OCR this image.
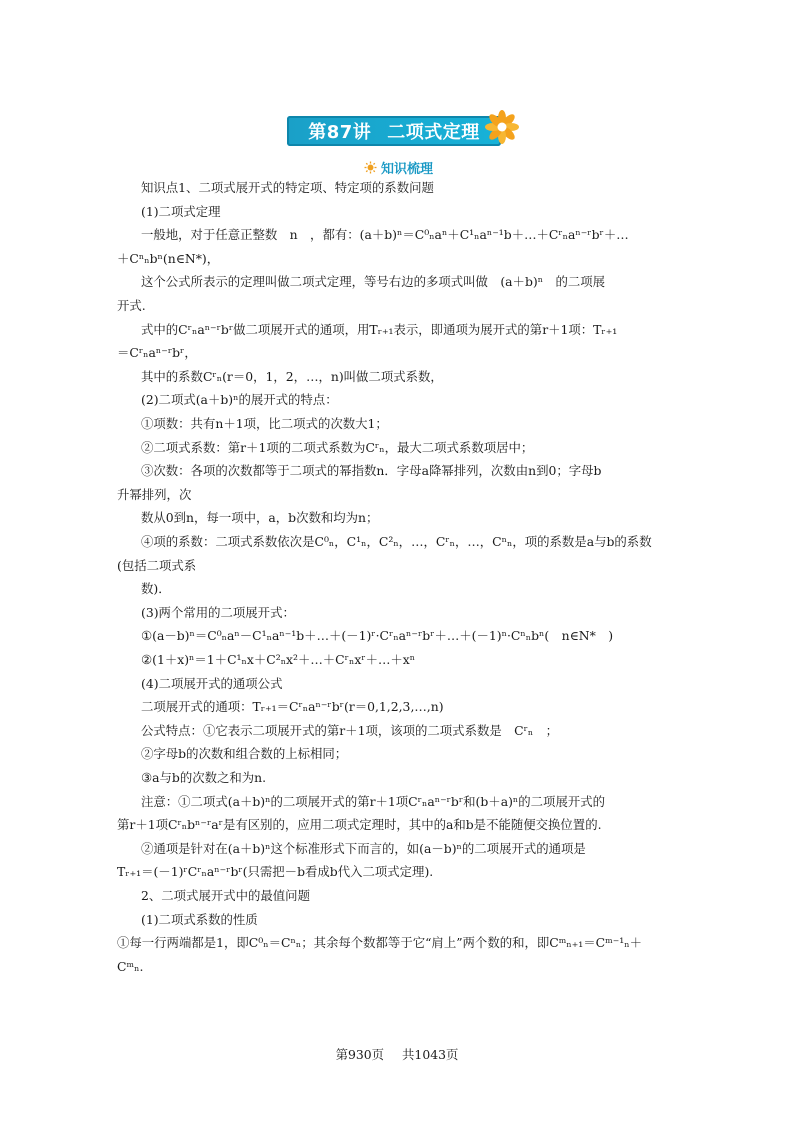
第87讲 二项式定理
知识梳理
知识点1、二项式展开式的特定项、特定项的系数问题
(1)二项式定理
一般地，对于任意正整数　n　，都有：(a＋b)ⁿ＝C⁰ₙaⁿ＋C¹ₙaⁿ⁻¹b＋…＋Cʳₙaⁿ⁻ʳbʳ＋…
＋Cⁿₙbⁿ(n∈N*)，
这个公式所表示的定理叫做二项式定理，等号右边的多项式叫做　(a＋b)ⁿ　的二项展
开式.
式中的Cʳₙaⁿ⁻ʳbʳ做二项展开式的通项，用Tᵣ₊₁表示，即通项为展开式的第r＋1项：Tᵣ₊₁
＝Cʳₙaⁿ⁻ʳbʳ，
其中的系数Cʳₙ(r＝0，1，2，…，n)叫做二项式系数，
(2)二项式(a＋b)ⁿ的展开式的特点：
①项数：共有n＋1项，比二项式的次数大1；
②二项式系数：第r＋1项的二项式系数为Cʳₙ，最大二项式系数项居中；
③次数：各项的次数都等于二项式的幂指数n．字母a降幂排列，次数由n到0；字母b
升幂排列，次
数从0到n，每一项中，a，b次数和均为n；
④项的系数：二项式系数依次是C⁰ₙ，C¹ₙ，C²ₙ，…，Cʳₙ，…，Cⁿₙ，项的系数是a与b的系数
(包括二项式系
数)．
(3)两个常用的二项展开式：
①(a－b)ⁿ＝C⁰ₙaⁿ－C¹ₙaⁿ⁻¹b＋…＋(－1)ʳ·Cʳₙaⁿ⁻ʳbʳ＋…＋(－1)ⁿ·Cⁿₙbⁿ(　n∈N*　)
②(1＋x)ⁿ＝1＋C¹ₙx＋C²ₙx²＋…＋Cʳₙxʳ＋…＋xⁿ
(4)二项展开式的通项公式
二项展开式的通项：Tᵣ₊₁＝Cʳₙaⁿ⁻ʳbʳ(r＝0,1,2,3,…,n)
公式特点：①它表示二项展开式的第r＋1项，该项的二项式系数是　Cʳₙ　；
②字母b的次数和组合数的上标相同；
③a与b的次数之和为n.
注意：①二项式(a＋b)ⁿ的二项展开式的第r＋1项Cʳₙaⁿ⁻ʳbʳ和(b＋a)ⁿ的二项展开式的
第r＋1项Cʳₙbⁿ⁻ʳaʳ是有区别的，应用二项式定理时，其中的a和b是不能随便交换位置的.
②通项是针对在(a＋b)ⁿ这个标准形式下而言的，如(a－b)ⁿ的二项展开式的通项是
Tᵣ₊₁＝(－1)ʳCʳₙaⁿ⁻ʳbʳ(只需把－b看成b代入二项式定理).
2、二项式展开式中的最值问题
(1)二项式系数的性质
①每一行两端都是1，即C⁰ₙ＝Cⁿₙ；其余每个数都等于它“肩上”两个数的和，即Cᵐₙ₊₁＝Cᵐ⁻¹ₙ＋
Cᵐₙ.
第930页 共1043页
